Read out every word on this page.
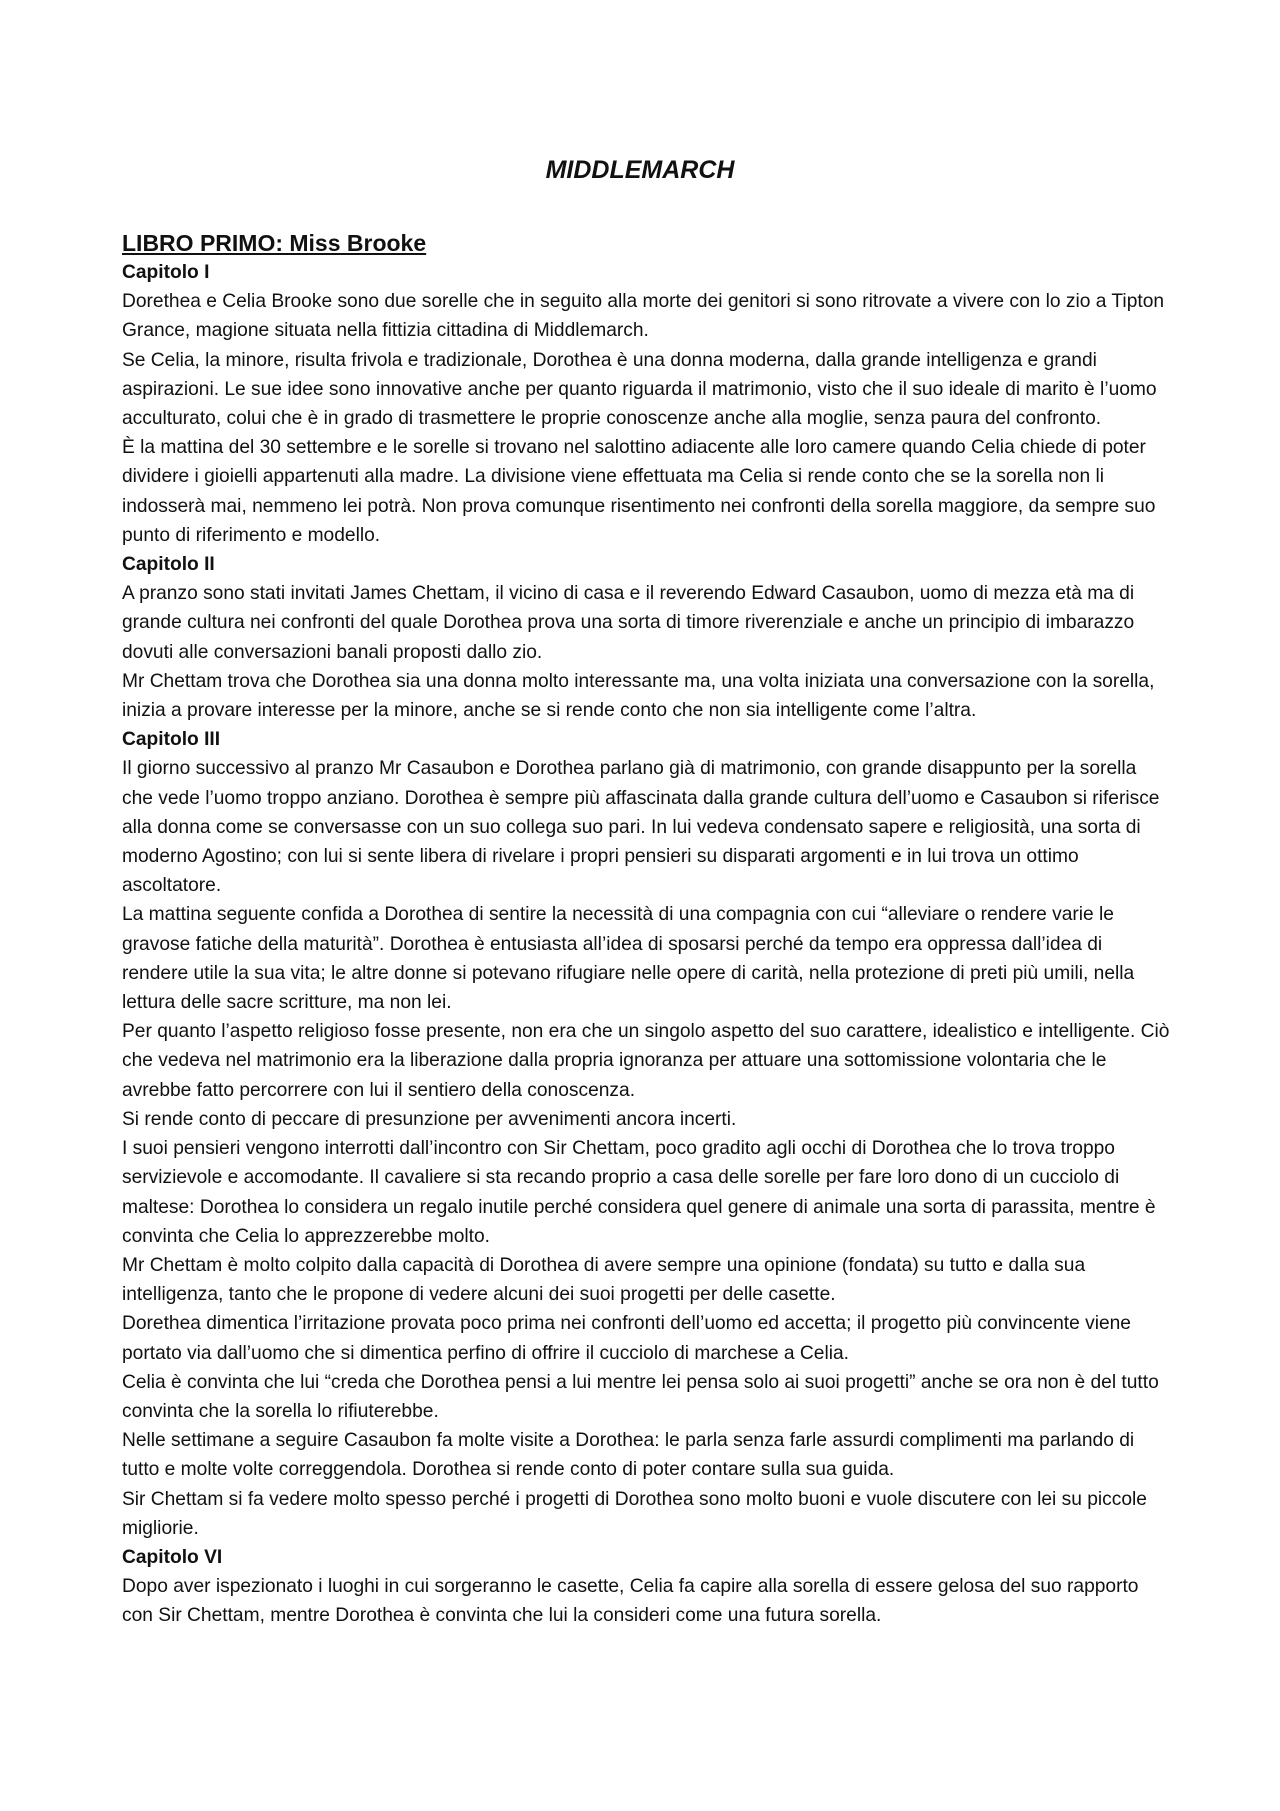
MIDDLEMARCH
LIBRO PRIMO: Miss Brooke
Capitolo I

Dorethea e Celia Brooke sono due sorelle che in seguito alla morte dei genitori si sono ritrovate a vivere con lo zio a Tipton Grance, magione situata nella fittizia cittadina di Middlemarch.

Se Celia, la minore, risulta frivola e tradizionale, Dorothea è una donna moderna, dalla grande intelligenza e grandi aspirazioni. Le sue idee sono innovative anche per quanto riguarda il matrimonio, visto che il suo ideale di marito è l’uomo acculturato, colui che è in grado di trasmettere le proprie conoscenze anche alla moglie, senza paura del confronto.

È la mattina del 30 settembre e le sorelle si trovano nel salottino adiacente alle loro camere quando Celia chiede di poter dividere i gioielli appartenuti alla madre. La divisione viene effettuata ma Celia si rende conto che se la sorella non li indosserà mai, nemmeno lei potrà. Non prova comunque risentimento nei confronti della sorella maggiore, da sempre suo punto di riferimento e modello.

Capitolo II

A pranzo sono stati invitati James Chettam, il vicino di casa e il reverendo Edward Casaubon, uomo di mezza età ma di grande cultura nei confronti del quale Dorothea prova una sorta di timore riverenziale e anche un principio di imbarazzo dovuti alle conversazioni banali proposti dallo zio.

Mr Chettam trova che Dorothea sia una donna molto interessante ma, una volta iniziata una conversazione con la sorella, inizia a provare interesse per la minore, anche se si rende conto che non sia intelligente come l’altra.

Capitolo III

Il giorno successivo al pranzo Mr Casaubon e Dorothea parlano già di matrimonio, con grande disappunto per la sorella che vede l’uomo troppo anziano. Dorothea è sempre più affascinata dalla grande cultura dell’uomo e Casaubon si riferisce alla donna come se conversasse con un suo collega suo pari. In lui vedeva condensato sapere e religiosità, una sorta di moderno Agostino; con lui si sente libera di rivelare i propri pensieri su disparati argomenti e in lui trova un ottimo ascoltatore.

La mattina seguente confida a Dorothea di sentire la necessità di una compagnia con cui “alleviare o rendere varie le gravose fatiche della maturità”. Dorothea è entusiasta all’idea di sposarsi perché da tempo era oppressa dall’idea di rendere utile la sua vita; le altre donne si potevano rifugiare nelle opere di carità, nella protezione di preti più umili, nella lettura delle sacre scritture, ma non lei.

Per quanto l’aspetto religioso fosse presente, non era che un singolo aspetto del suo carattere, idealistico e intelligente. Ciò che vedeva nel matrimonio era la liberazione dalla propria ignoranza per attuare una sottomissione volontaria che le avrebbe fatto percorrere con lui il sentiero della conoscenza.

Si rende conto di peccare di presunzione per avvenimenti ancora incerti.

I suoi pensieri vengono interrotti dall’incontro con Sir Chettam, poco gradito agli occhi di Dorothea che lo trova troppo servizievole e accomodante. Il cavaliere si sta recando proprio a casa delle sorelle per fare loro dono di un cucciolo di maltese: Dorothea lo considera un regalo inutile perché considera quel genere di animale una sorta di parassita, mentre è convinta che Celia lo apprezzerebbe molto.

Mr Chettam è molto colpito dalla capacità di Dorothea di avere sempre una opinione (fondata) su tutto e dalla sua intelligenza, tanto che le propone di vedere alcuni dei suoi progetti per delle casette.

Dorethea dimentica l’irritazione provata poco prima nei confronti dell’uomo ed accetta; il progetto più convincente viene portato via dall’uomo che si dimentica perfino di offrire il cucciolo di marchese a Celia.

Celia è convinta che lui “creda che Dorothea pensi a lui mentre lei pensa solo ai suoi progetti” anche se ora non è del tutto convinta che la sorella lo rifiuterebbe.

Nelle settimane a seguire Casaubon fa molte visite a Dorothea: le parla senza farle assurdi complimenti ma parlando di tutto e molte volte correggendola. Dorothea si rende conto di poter contare sulla sua guida.

Sir Chettam si fa vedere molto spesso perché i progetti di Dorothea sono molto buoni e vuole discutere con lei su piccole migliorie.

Capitolo VI

Dopo aver ispezionato i luoghi in cui sorgeranno le casette, Celia fa capire alla sorella di essere gelosa del suo rapporto con Sir Chettam, mentre Dorothea è convinta che lui la consideri come una futura sorella.
